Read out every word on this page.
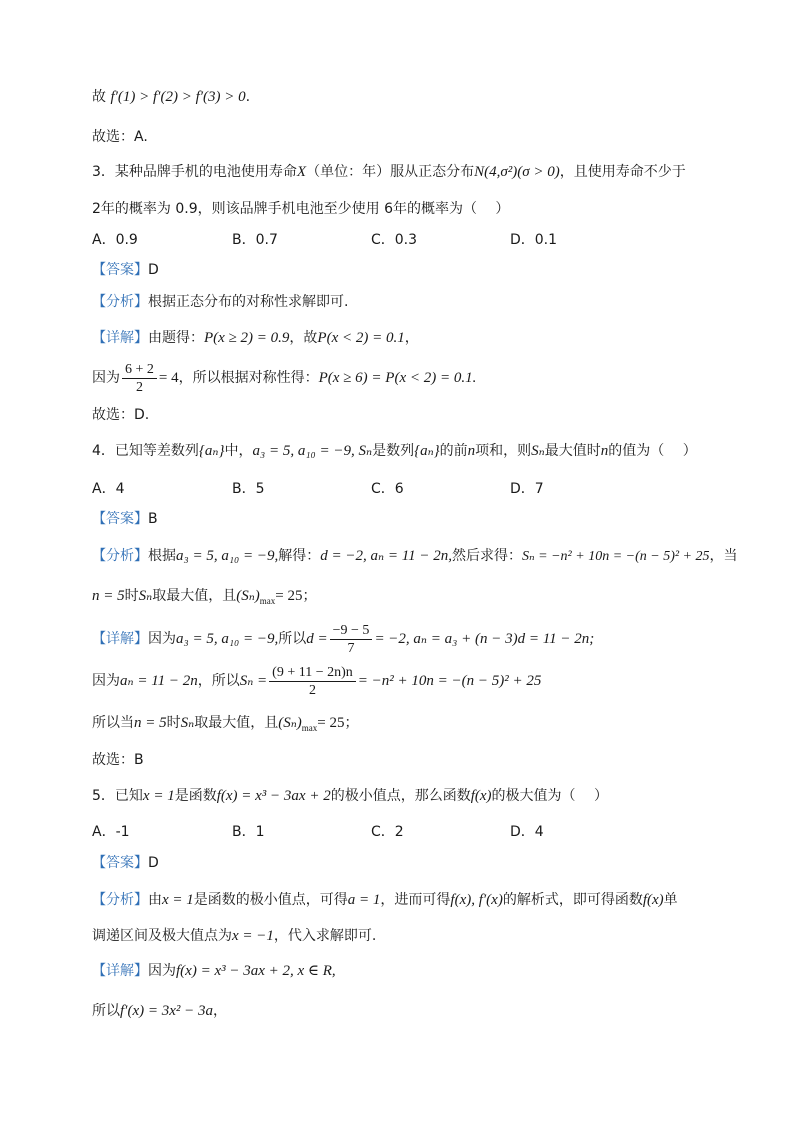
故 f′(1) > f′(2) > f′(3) > 0.
故选：A.
3．某种品牌手机的电池使用寿命X（单位：年）服从正态分布N(4,σ²)(σ > 0)，且使用寿命不少于
2年的概率为 0.9，则该品牌手机电池至少使用 6年的概率为（　 ）
A．0.9	B．0.7	C．0.3	D．0.1
【答案】D
【分析】根据正态分布的对称性求解即可.
【详解】由题得：P(x ≥ 2) = 0.9，故P(x < 2) = 0.1，
因为 $\frac{6 + 2}{2} = 4$，所以根据对称性得：P(x ≥ 6) = P(x < 2) = 0.1.
故选：D.
4．已知等差数列{aₙ}中，a₃ = 5, a₁₀ = −9, Sₙ是数列{aₙ}的前n项和，则Sₙ最大值时n的值为（　 ）
A．4	B．5	C．6	D．7
【答案】B
【分析】根据a₃ = 5, a₁₀ = −9,解得：d = −2, aₙ = 11 − 2n,然后求得：Sₙ = −n² + 10n = −(n − 5)² + 25，当
n = 5时Sₙ取最大值，且$(S_n)_{max}= 25$；
【详解】因为a₃ = 5, a₁₀ = −9,所以$d = \frac{-9 - 5}{7} = -2$, aₙ = a₃ + (n − 3)d = 11 − 2n;
因为aₙ = 11 − 2n，所以$S_n = \frac{(9 + 11 - 2n)n}{2} = -n^2 + 10n = -(n - 5)^2 + 25$
所以当n = 5时Sₙ取最大值，且$(S_n)_{max}= 25$；
故选：B
5．已知x = 1是函数f(x) = x³ − 3ax + 2的极小值点，那么函数f(x)的极大值为（　 ）
A．-1	B．1	C．2	D．4
【答案】D
【分析】由x = 1是函数的极小值点，可得a = 1，进而可得f(x), f′(x)的解析式，即可得函数f(x)单
调递区间及极大值点为x = −1，代入求解即可.
【详解】因为f(x) = x³ − 3ax + 2, x ∈ R,
所以f′(x) = 3x² − 3a，
